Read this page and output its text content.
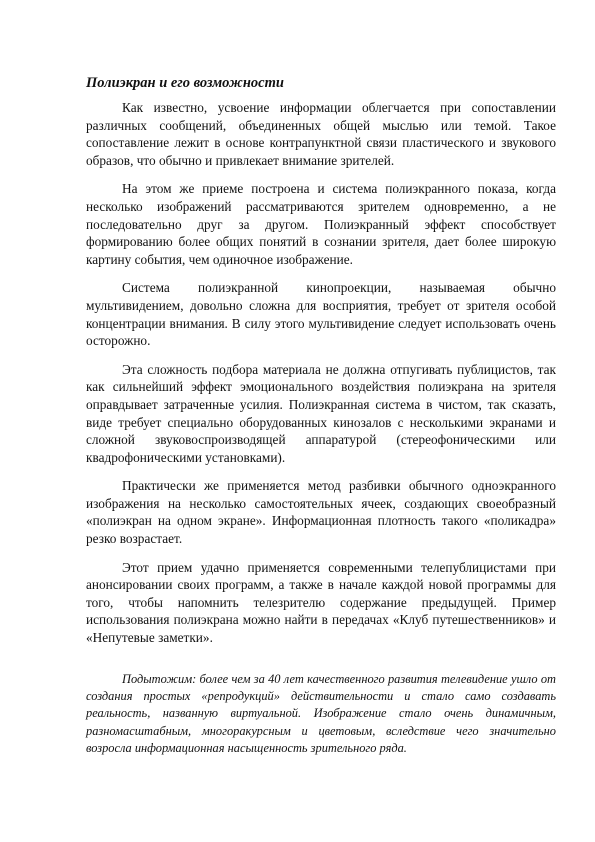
Полиэкран и его возможности

Как известно, усвоение информации облегчается при сопоставлении различных сообщений, объединенных общей мыслью или темой. Такое сопоставление лежит в основе контрапунктной связи пластического и звукового образов, что обычно и привлекает внимание зрителей.

На этом же приеме построена и система полиэкранного показа, когда несколько изображений рассматриваются зрителем одновременно, а не последовательно друг за другом. Полиэкранный эффект способствует формированию более общих понятий в сознании зрителя, дает более широкую картину события, чем одиночное изображение.

Система полиэкранной кинопроекции, называемая обычно мультивидением, довольно сложна для восприятия, требует от зрителя особой концентрации внимания. В силу этого мультивидение следует использовать очень осторожно.

Эта сложность подбора материала не должна отпугивать публицистов, так как сильнейший эффект эмоционального воздействия полиэкрана на зрителя оправдывает затраченные усилия. Полиэкранная система в чистом, так сказать, виде требует специально оборудованных кинозалов с несколькими экранами и сложной звуковоспроизводящей аппаратурой (стереофоническими или квадрофоническими установками).

Практически же применяется метод разбивки обычного одноэкранного изображения на несколько самостоятельных ячеек, создающих своеобразный «полиэкран на одном экране». Информационная плотность такого «поликадра» резко возрастает.

Этот прием удачно применяется современными телепублицистами при анонсировании своих программ, а также в начале каждой новой программы для того, чтобы напомнить телезрителю содержание предыдущей. Пример использования полиэкрана можно найти в передачах «Клуб путешественников» и «Непутевые заметки».

Подытожим: более чем за 40 лет качественного развития телевидение ушло от создания простых «репродукций» действительности и стало само создавать реальность, названную виртуальной. Изображение стало очень динамичным, разномасштабным, многоракурсным и цветовым, вследствие чего значительно возросла информационная насыщенность зрительного ряда.
